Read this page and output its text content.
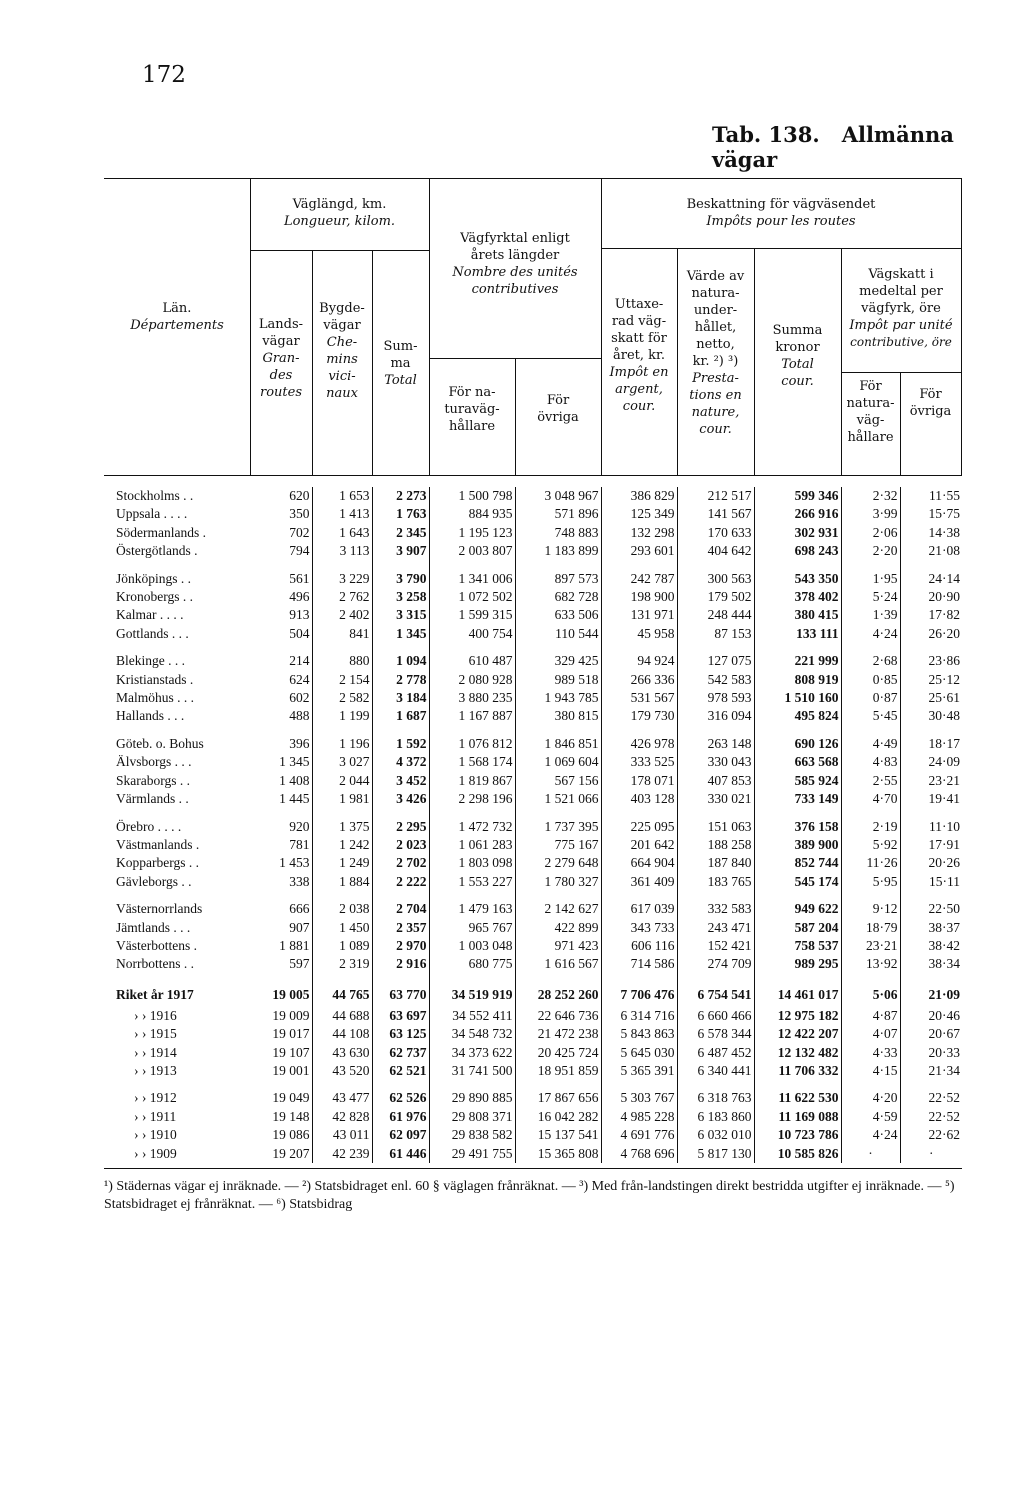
172
Tab. 138. Allmänna vägar
Län.
Départements
Väglängd, km.
Longueur, kilom.
Lands-
vägar
Gran-
des
routes
Bygde-
vägar
Che-
mins
vici-
naux
Sum-
ma
Total
Vägfyrktal enligt
årets längder
Nombre des unités
contributives
För na-
turaväg-
hållare
För
övriga
Beskattning för vägväsendet
Impôts pour les routes
Uttaxe-
rad väg-
skatt för
året, kr.
Impôt en
argent,
cour.
Värde av
natura-
under-
hållet,
netto,
kr. ²) ³)
Presta-
tions en
nature,
cour.
Summa
kronor
Total
cour.
Vägskatt i
medeltal per
vägfyrk, öre
Impôt par unité
contributive, öre
För
natura-
väg-
hållare
För
övriga
Stockholms . .	620	1 653	2 273	1 500 798	3 048 967	386 829	212 517	599 346	2·32	11·55
Uppsala . . . .	350	1 413	1 763	884 935	571 896	125 349	141 567	266 916	3·99	15·75
Södermanlands .	702	1 643	2 345	1 195 123	748 883	132 298	170 633	302 931	2·06	14·38
Östergötlands .	794	3 113	3 907	2 003 807	1 183 899	293 601	404 642	698 243	2·20	21·08

Jönköpings . .	561	3 229	3 790	1 341 006	897 573	242 787	300 563	543 350	1·95	24·14
Kronobergs . .	496	2 762	3 258	1 072 502	682 728	198 900	179 502	378 402	5·24	20·90
Kalmar . . . .	913	2 402	3 315	1 599 315	633 506	131 971	248 444	380 415	1·39	17·82
Gottlands . . .	504	841	1 345	400 754	110 544	45 958	87 153	133 111	4·24	26·20

Blekinge . . .	214	880	1 094	610 487	329 425	94 924	127 075	221 999	2·68	23·86
Kristianstads .	624	2 154	2 778	2 080 928	989 518	266 336	542 583	808 919	0·85	25·12
Malmöhus . . .	602	2 582	3 184	3 880 235	1 943 785	531 567	978 593	1 510 160	0·87	25·61
Hallands . . .	488	1 199	1 687	1 167 887	380 815	179 730	316 094	495 824	5·45	30·48

Göteb. o. Bohus	396	1 196	1 592	1 076 812	1 846 851	426 978	263 148	690 126	4·49	18·17
Älvsborgs . . .	1 345	3 027	4 372	1 568 174	1 069 604	333 525	330 043	663 568	4·83	24·09
Skaraborgs . .	1 408	2 044	3 452	1 819 867	567 156	178 071	407 853	585 924	2·55	23·21
Värmlands . .	1 445	1 981	3 426	2 298 196	1 521 066	403 128	330 021	733 149	4·70	19·41

Örebro . . . .	920	1 375	2 295	1 472 732	1 737 395	225 095	151 063	376 158	2·19	11·10
Västmanlands .	781	1 242	2 023	1 061 283	775 167	201 642	188 258	389 900	5·92	17·91
Kopparbergs . .	1 453	1 249	2 702	1 803 098	2 279 648	664 904	187 840	852 744	11·26	20·26
Gävleborgs . .	338	1 884	2 222	1 553 227	1 780 327	361 409	183 765	545 174	5·95	15·11

Västernorrlands	666	2 038	2 704	1 479 163	2 142 627	617 039	332 583	949 622	9·12	22·50
Jämtlands . . .	907	1 450	2 357	965 767	422 899	343 733	243 471	587 204	18·79	38·37
Västerbottens .	1 881	1 089	2 970	1 003 048	971 423	606 116	152 421	758 537	23·21	38·42
Norrbottens . .	597	2 319	2 916	680 775	1 616 567	714 586	274 709	989 295	13·92	38·34

Riket år 1917	19 005	44 765	63 770	34 519 919	28 252 260	7 706 476	6 754 541	14 461 017	5·06	21·09
› › 1916	19 009	44 688	63 697	34 552 411	22 646 736	6 314 716	6 660 466	12 975 182	4·87	20·46
› › 1915	19 017	44 108	63 125	34 548 732	21 472 238	5 843 863	6 578 344	12 422 207	4·07	20·67
› › 1914	19 107	43 630	62 737	34 373 622	20 425 724	5 645 030	6 487 452	12 132 482	4·33	20·33
› › 1913	19 001	43 520	62 521	31 741 500	18 951 859	5 365 391	6 340 441	11 706 332	4·15	21·34

› › 1912	19 049	43 477	62 526	29 890 885	17 867 656	5 303 767	6 318 763	11 622 530	4·20	22·52
› › 1911	19 148	42 828	61 976	29 808 371	16 042 282	4 985 228	6 183 860	11 169 088	4·59	22·52
› › 1910	19 086	43 011	62 097	29 838 582	15 137 541	4 691 776	6 032 010	10 723 786	4·24	22·62
› › 1909	19 207	42 239	61 446	29 491 755	15 365 808	4 768 696	5 817 130	10 585 826	·	·
¹) Städernas vägar ej inräknade. — ²) Statsbidraget enl. 60 § väglagen frånräknat. — ³) Med från-landstingen direkt bestridda utgifter ej inräknade. — ⁵) Statsbidraget ej frånräknat. — ⁶) Statsbidrag
